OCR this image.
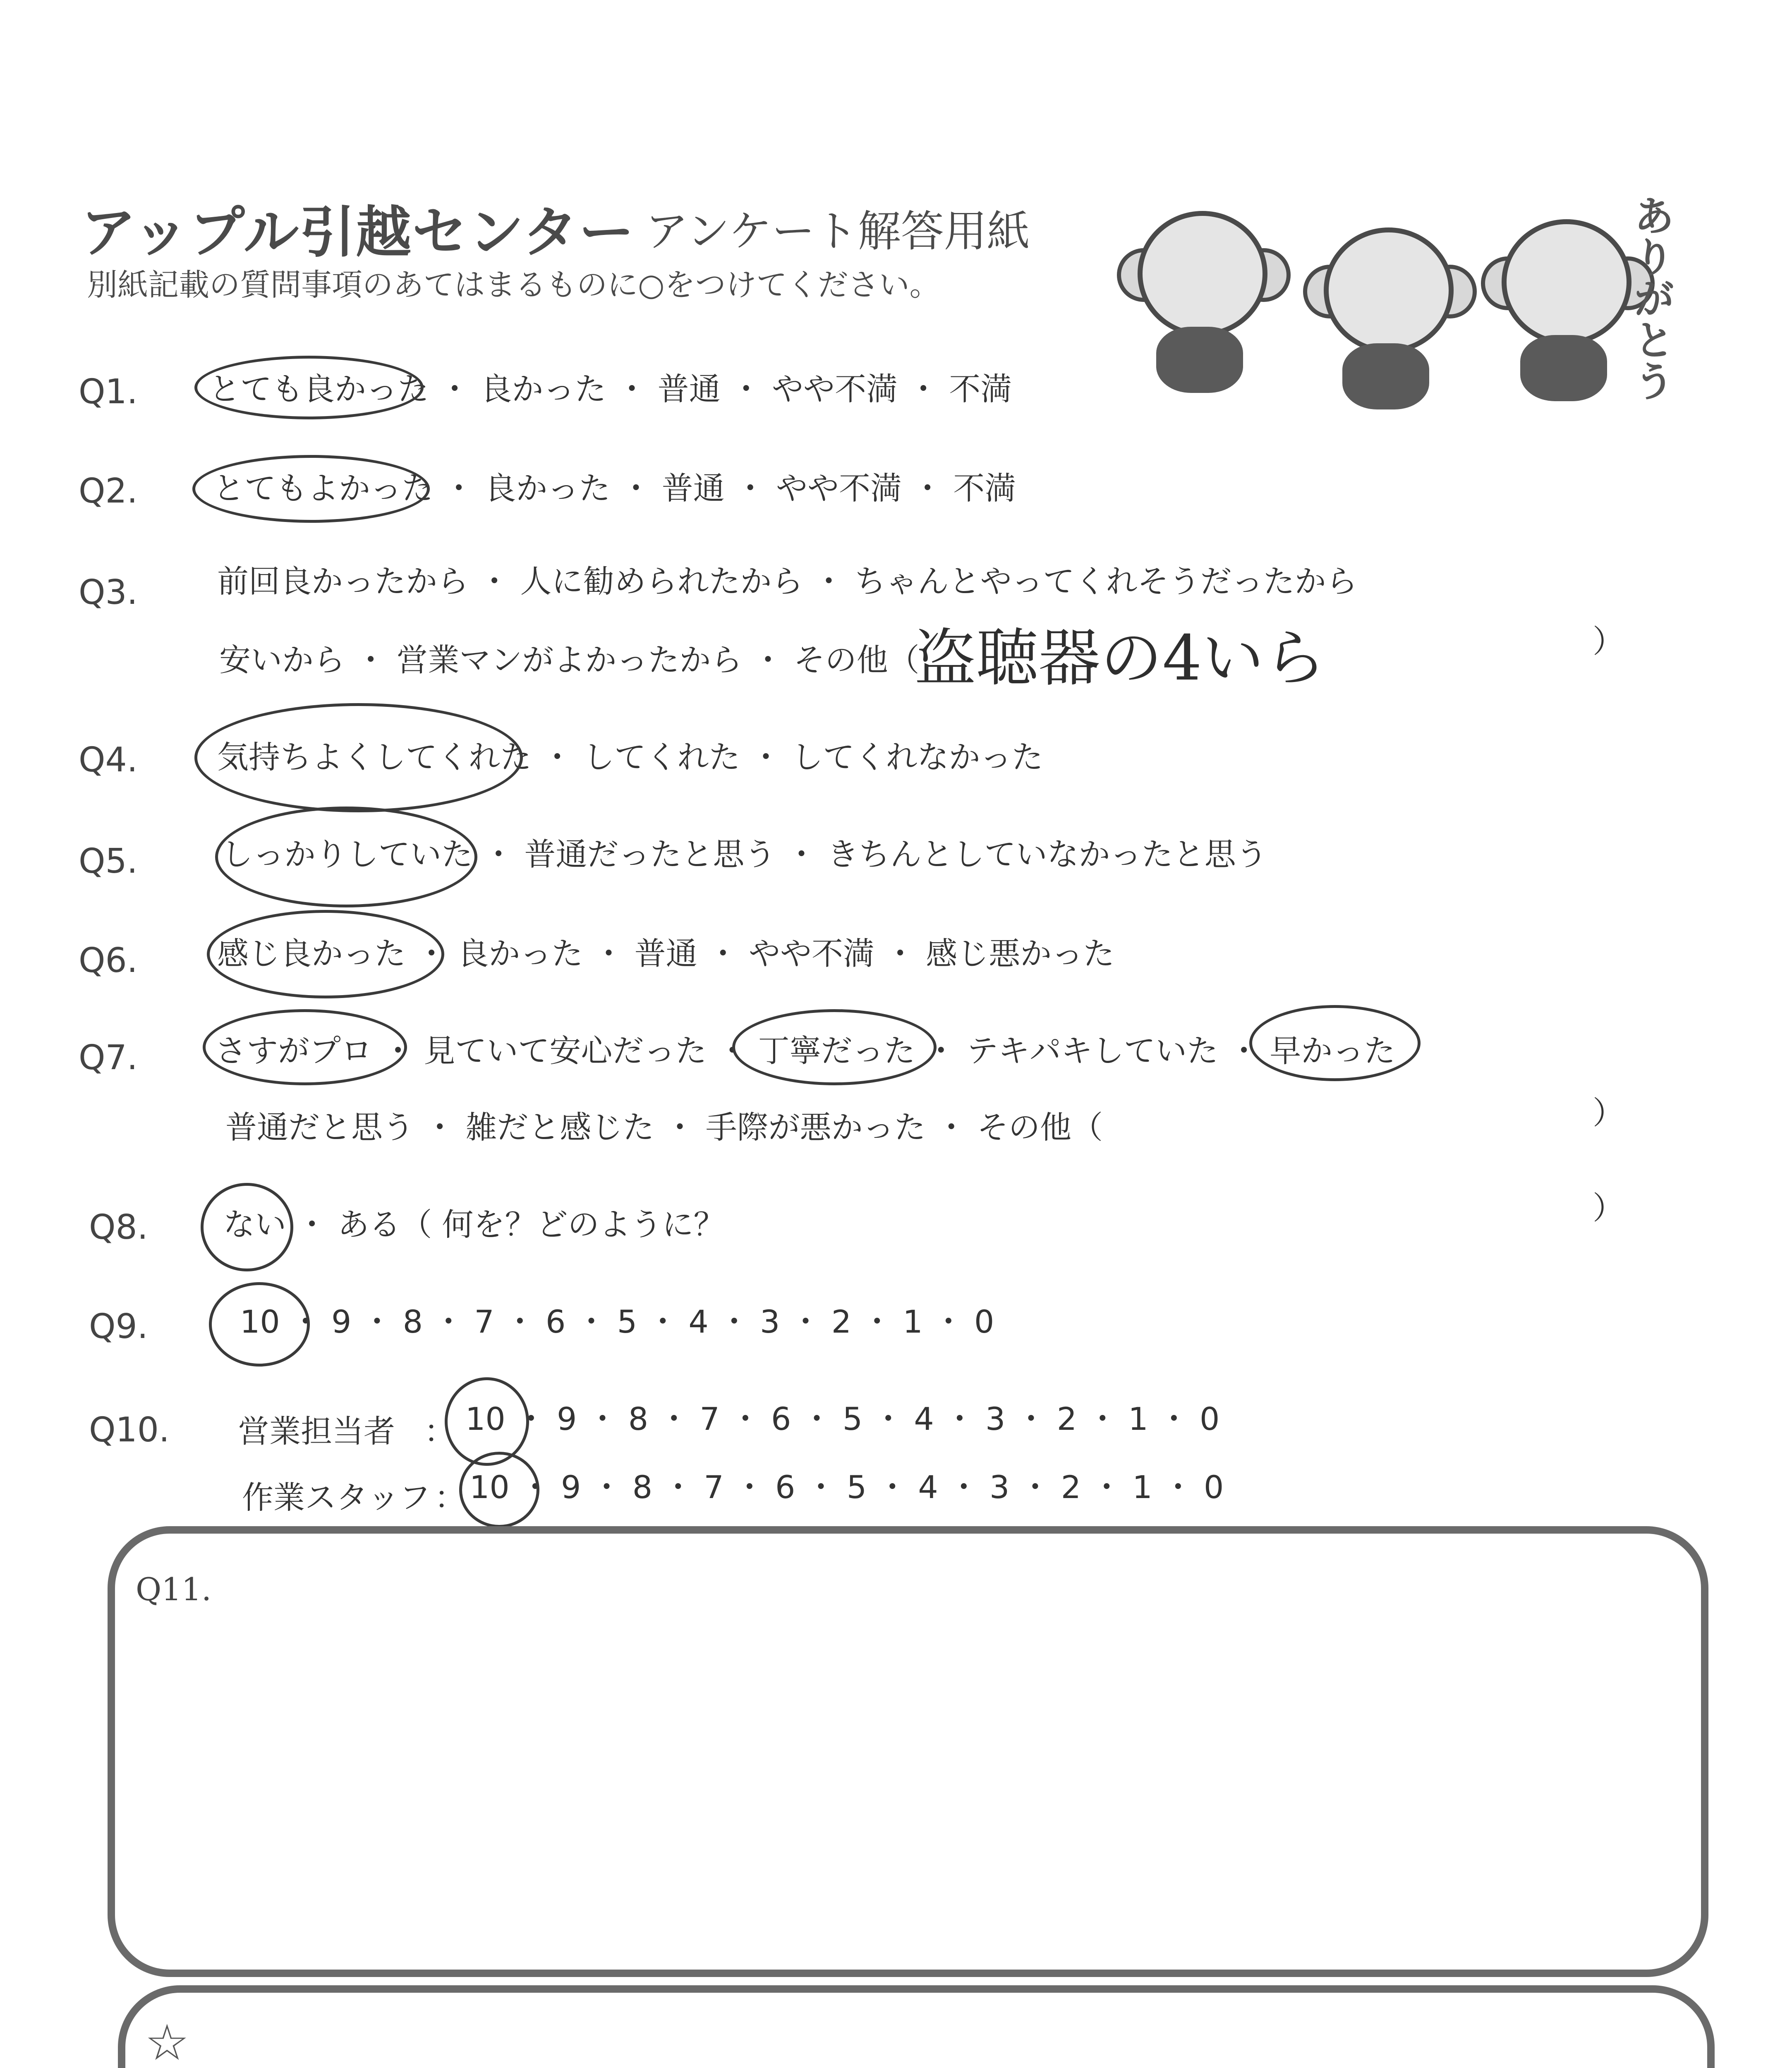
アップル引越センター アンケート解答用紙
別紙記載の質問事項のあてはまるものに○をつけてください。	ありがとう
Q1. とても良かった ・ 良かった ・ 普通 ・ やや不満 ・ 不満
Q2. とてもよかった ・ 良かった ・ 普通 ・ やや不満 ・ 不満
Q3.	前回良かったから ・ 人に勧められたから ・ ちゃんとやってくれそうだったから
安いから ・ 営業マンがよかったから ・ その他（
盗聴器の4いら	）
Q4.	気持ちよくしてくれた ・ してくれた ・ してくれなかった
Q5.	しっかりしていた ・ 普通だったと思う ・ きちんとしていなかったと思う
Q6.	感じ良かった ・ 良かった ・ 普通 ・ やや不満 ・ 感じ悪かった
Q7. さすがプロ ・ 見ていて安心だった ・ 丁寧だった ・ テキパキしていた ・ 早かった
普通だと思う ・ 雑だと感じた ・ 手際が悪かった ・ その他（	）
Q8. ない ・ ある（ 何を？どのように？	）
Q9.	10 ・ 9 ・ 8 ・ 7 ・ 6 ・ 5 ・ 4 ・ 3 ・ 2 ・ 1 ・ 0
Q10. 営業担当者 ： 10 ・ 9 ・ 8 ・ 7 ・ 6 ・ 5 ・ 4 ・ 3 ・ 2 ・ 1 ・ 0
作業スタッフ ： 10 ・ 9 ・ 8 ・ 7 ・ 6 ・ 5 ・ 4 ・ 3 ・ 2 ・ 1 ・ 0
Q11.
☆
